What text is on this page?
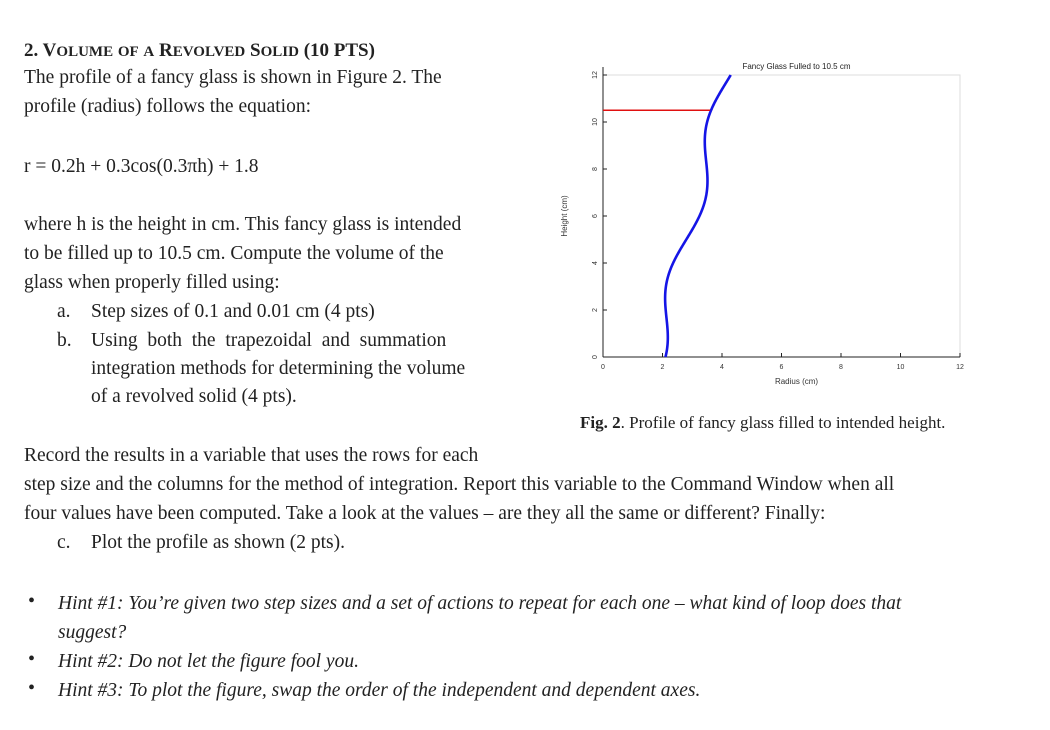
2. VOLUME OF A REVOLVED SOLID (10 PTS)
The profile of a fancy glass is shown in Figure 2. The
profile (radius) follows the equation:
r = 0.2h + 0.3cos(0.3πh) + 1.8
where h is the height in cm. This fancy glass is intended
to be filled up to 10.5 cm. Compute the volume of the
glass when properly filled using:
a. Step sizes of 0.1 and 0.01 cm (4 pts)
b. Using  both  the  trapezoidal  and  summation
integration methods for determining the volume
of a revolved solid (4 pts).
0	2	4	6	8	10	12
0
2
4
6
8
10
12
Fancy Glass Fulled to 10.5 cm
Radius (cm)
Height (cm)
Fig. 2. Profile of fancy glass filled to intended height.
Record the results in a variable that uses the rows for each
step size and the columns for the method of integration. Report this variable to the Command Window when all
four values have been computed. Take a look at the values – are they all the same or different? Finally:
c. Plot the profile as shown (2 pts).
• Hint #1: You’re given two step sizes and a set of actions to repeat for each one – what kind of loop does that
suggest?
• Hint #2: Do not let the figure fool you.
• Hint #3: To plot the figure, swap the order of the independent and dependent axes.
